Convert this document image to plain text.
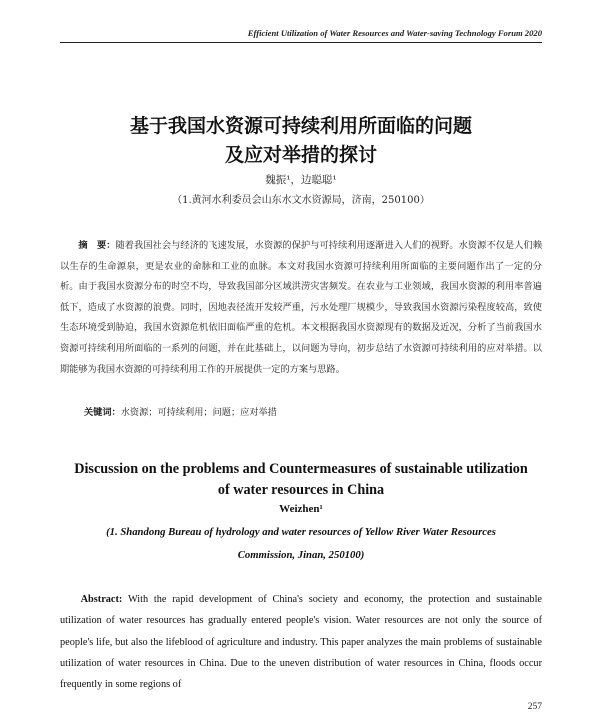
Efficient Utilization of Water Resources and Water-saving Technology Forum 2020
基于我国水资源可持续利用所面临的问题
及应对举措的探讨
魏振¹，边聪聪¹
（1.黄河水利委员会山东水文水资源局，济南，250100）
摘　要：随着我国社会与经济的飞速发展，水资源的保护与可持续利用逐渐进入人们的视野。水资源不仅是人们赖以生存的生命源泉，更是农业的命脉和工业的血脉。本文对我国水资源可持续利用所面临的主要问题作出了一定的分析。由于我国水资源分布的时空不均，导致我国部分区域洪涝灾害频发。在农业与工业领域，我国水资源的利用率普遍低下，造成了水资源的浪费。同时，因地表径流开发较严重，污水处理厂规模少，导致我国水资源污染程度较高，致使生态环境受到胁迫，我国水资源危机依旧面临严重的危机。本文根据我国水资源现有的数据及近况，分析了当前我国水资源可持续利用所面临的一系列的问题，并在此基础上，以问题为导向，初步总结了水资源可持续利用的应对举措。以期能够为我国水资源的可持续利用工作的开展提供一定的方案与思路。
关键词：水资源；可持续利用；问题；应对举措
Discussion on the problems and Countermeasures of sustainable utilization
of water resources in China
Weizhen¹
(1. Shandong Bureau of hydrology and water resources of Yellow River Water Resources
Commission, Jinan, 250100)
Abstract: With the rapid development of China's society and economy, the protection and sustainable utilization of water resources has gradually entered people's vision. Water resources are not only the source of people's life, but also the lifeblood of agriculture and industry. This paper analyzes the main problems of sustainable utilization of water resources in China. Due to the uneven distribution of water resources in China, floods occur frequently in some regions of
257
